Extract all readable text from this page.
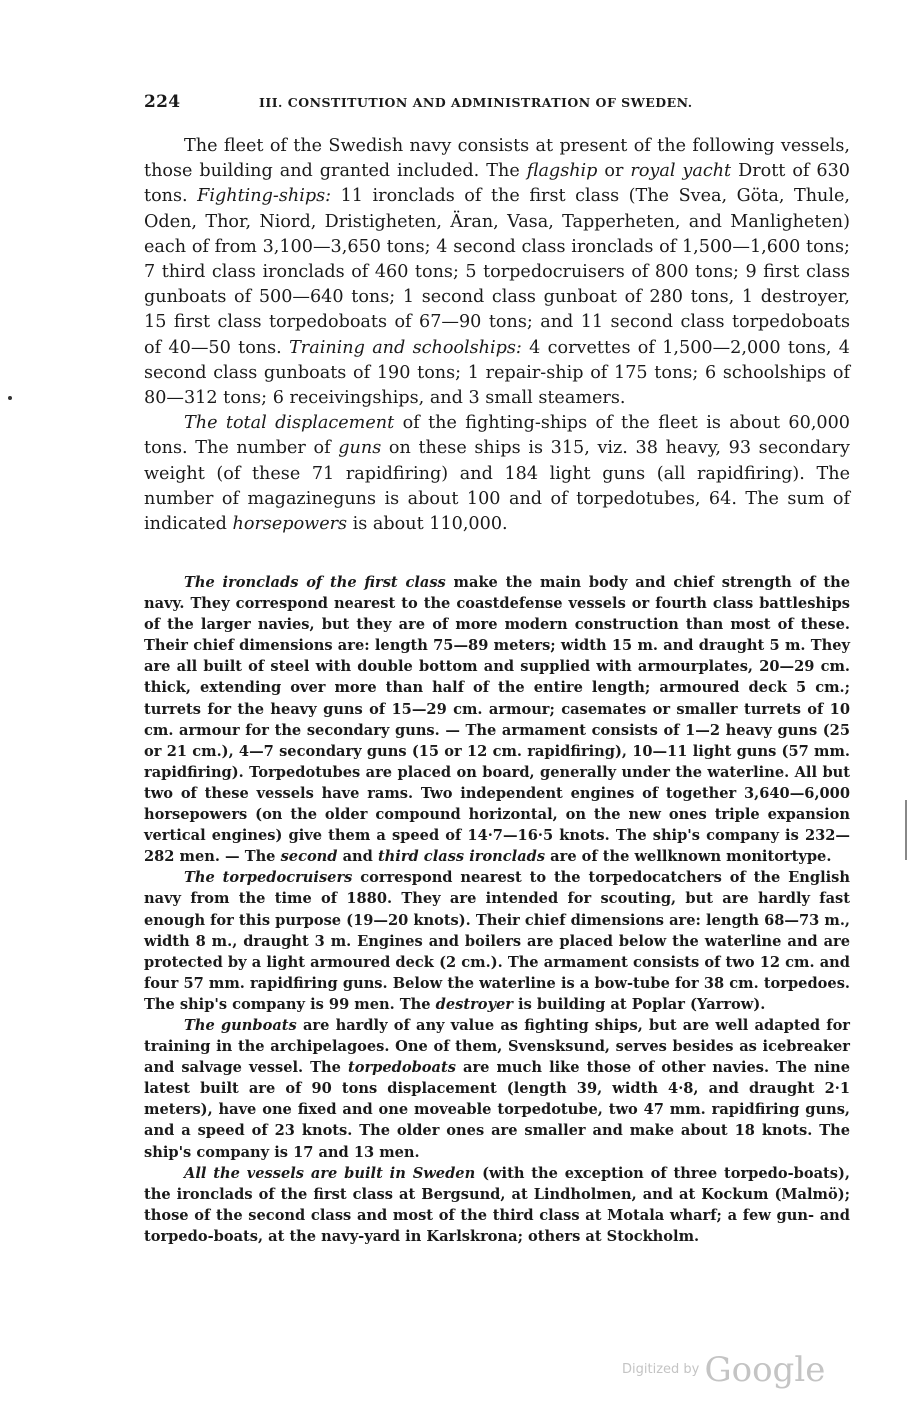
224	III. CONSTITUTION AND ADMINISTRATION OF SWEDEN.

The fleet of the Swedish navy consists at present of the following vessels, those building and granted included. The flagship or royal yacht Drott of 630 tons. Fighting-ships: 11 ironclads of the first class (The Svea, Göta, Thule, Oden, Thor, Niord, Dristigheten, Äran, Vasa, Tapperheten, and Manligheten) each of from 3,100—3,650 tons; 4 second class ironclads of 1,500—1,600 tons; 7 third class ironclads of 460 tons; 5 torpedocruisers of 800 tons; 9 first class gunboats of 500—640 tons; 1 second class gunboat of 280 tons, 1 destroyer, 15 first class torpedoboats of 67—90 tons; and 11 second class torpedoboats of 40—50 tons. Training and schoolships: 4 corvettes of 1,500—2,000 tons, 4 second class gunboats of 190 tons; 1 repair-ship of 175 tons; 6 schoolships of 80—312 tons; 6 receivingships, and 3 small steamers.

The total displacement of the fighting-ships of the fleet is about 60,000 tons. The number of guns on these ships is 315, viz. 38 heavy, 93 secondary weight (of these 71 rapidfiring) and 184 light guns (all rapidfiring). The number of magazineguns is about 100 and of torpedotubes, 64. The sum of indicated horsepowers is about 110,000.

The ironclads of the first class make the main body and chief strength of the navy. They correspond nearest to the coastdefense vessels or fourth class battleships of the larger navies, but they are of more modern construction than most of these. Their chief dimensions are: length 75—89 meters; width 15 m. and draught 5 m. They are all built of steel with double bottom and supplied with armourplates, 20—29 cm. thick, extending over more than half of the entire length; armoured deck 5 cm.; turrets for the heavy guns of 15—29 cm. armour; casemates or smaller turrets of 10 cm. armour for the secondary guns. — The armament consists of 1—2 heavy guns (25 or 21 cm.), 4—7 secondary guns (15 or 12 cm. rapidfiring), 10—11 light guns (57 mm. rapidfiring). Torpedotubes are placed on board, generally under the waterline. All but two of these vessels have rams. Two independent engines of together 3,640—6,000 horsepowers (on the older compound horizontal, on the new ones triple expansion vertical engines) give them a speed of 14·7—16·5 knots. The ship's company is 232—282 men. — The second and third class ironclads are of the wellknown monitortype.

The torpedocruisers correspond nearest to the torpedocatchers of the English navy from the time of 1880. They are intended for scouting, but are hardly fast enough for this purpose (19—20 knots). Their chief dimensions are: length 68—73 m., width 8 m., draught 3 m. Engines and boilers are placed below the waterline and are protected by a light armoured deck (2 cm.). The armament consists of two 12 cm. and four 57 mm. rapidfiring guns. Below the waterline is a bow-tube for 38 cm. torpedoes. The ship's company is 99 men. The destroyer is building at Poplar (Yarrow).

The gunboats are hardly of any value as fighting ships, but are well adapted for training in the archipelagoes. One of them, Svensksund, serves besides as icebreaker and salvage vessel. The torpedoboats are much like those of other navies. The nine latest built are of 90 tons displacement (length 39, width 4·8, and draught 2·1 meters), have one fixed and one moveable torpedotube, two 47 mm. rapidfiring guns, and a speed of 23 knots. The older ones are smaller and make about 18 knots. The ship's company is 17 and 13 men.

All the vessels are built in Sweden (with the exception of three torpedo-boats), the ironclads of the first class at Bergsund, at Lindholmen, and at Kockum (Malmö); those of the second class and most of the third class at Motala wharf; a few gun- and torpedo-boats, at the navy-yard in Karlskrona; others at Stockholm.

$^{Digitized by}$ Google
